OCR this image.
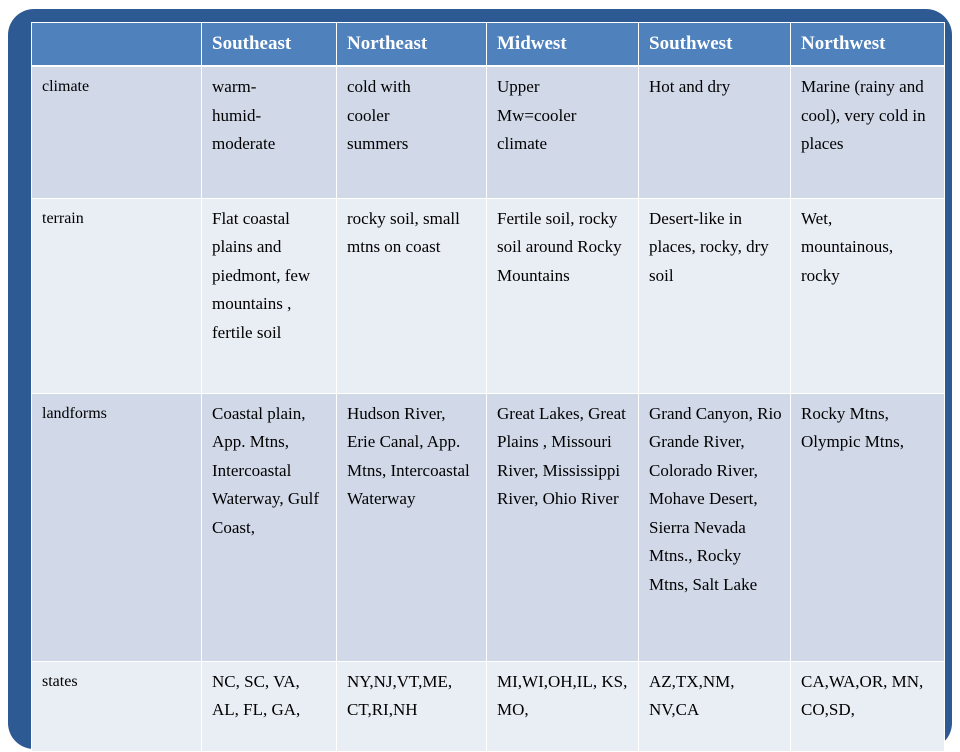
	Southeast	Northeast	Midwest	Southwest	Northwest
climate	warm-humid-moderate	cold with cooler summers	Upper Mw=cooler climate	Hot and dry	Marine (rainy and cool), very cold in places

terrain	Flat coastal plains and piedmont, few mountains , fertile soil	rocky soil, small mtns on coast	Fertile soil, rocky soil around Rocky Mountains	Desert-like in places, rocky, dry soil	Wet, mountainous, rocky

landforms	Coastal plain, App. Mtns, Intercoastal Waterway, Gulf Coast,	Hudson River, Erie Canal, App. Mtns, Intercoastal Waterway	Great Lakes, Great Plains , Missouri River, Mississippi River, Ohio River	Grand Canyon, Rio Grande River, Colorado River, Mohave Desert, Sierra Nevada Mtns., Rocky Mtns, Salt Lake	Rocky Mtns, Olympic Mtns,

states	NC, SC, VA, AL, FL, GA,	NY,NJ,VT,ME, CT,RI,NH	MI,WI,OH,IL, KS, MO,	AZ,TX,NM, NV,CA	CA,WA,OR, MN, CO,SD,
